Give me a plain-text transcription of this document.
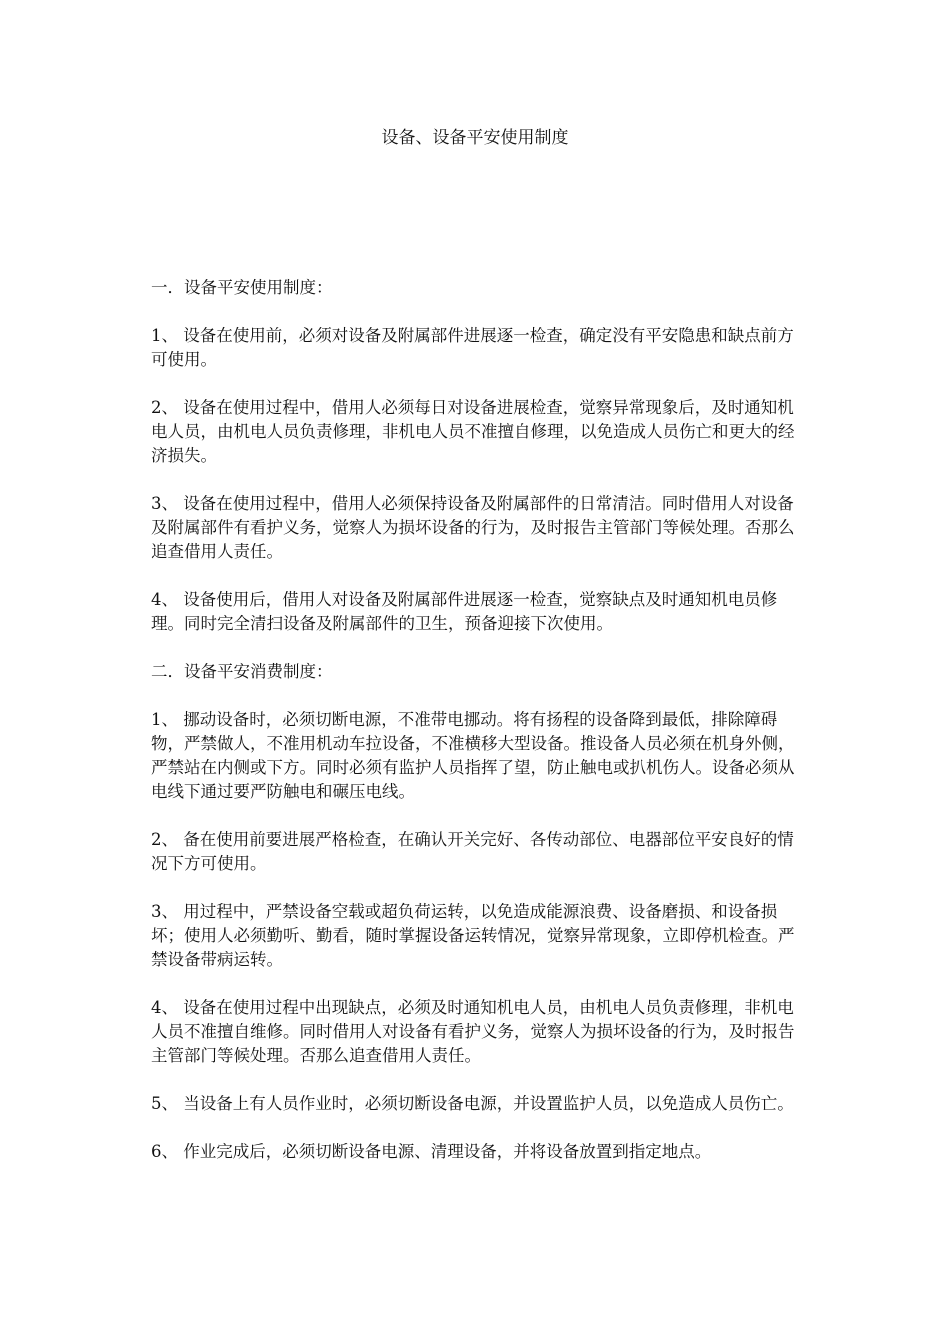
设备、设备平安使用制度

一．设备平安使用制度：

1、 设备在使用前，必须对设备及附属部件进展逐一检查，确定没有平安隐患和缺点前方可使用。

2、 设备在使用过程中，借用人必须每日对设备进展检查，觉察异常现象后，及时通知机电人员，由机电人员负责修理，非机电人员不准擅自修理，以免造成人员伤亡和更大的经济损失。

3、 设备在使用过程中，借用人必须保持设备及附属部件的日常清洁。同时借用人对设备及附属部件有看护义务，觉察人为损坏设备的行为，及时报告主管部门等候处理。否那么追查借用人责任。

4、 设备使用后，借用人对设备及附属部件进展逐一检查，觉察缺点及时通知机电员修理。同时完全清扫设备及附属部件的卫生，预备迎接下次使用。

二．设备平安消费制度：

1、 挪动设备时，必须切断电源，不准带电挪动。将有扬程的设备降到最低，排除障碍物，严禁做人，不准用机动车拉设备，不准横移大型设备。推设备人员必须在机身外侧，严禁站在内侧或下方。同时必须有监护人员指挥了望，防止触电或扒机伤人。设备必须从电线下通过要严防触电和碾压电线。

2、 备在使用前要进展严格检查，在确认开关完好、各传动部位、电器部位平安良好的情况下方可使用。

3、 用过程中，严禁设备空载或超负荷运转，以免造成能源浪费、设备磨损、和设备损坏；使用人必须勤听、勤看，随时掌握设备运转情况，觉察异常现象，立即停机检查。严禁设备带病运转。

4、 设备在使用过程中出现缺点，必须及时通知机电人员，由机电人员负责修理，非机电人员不准擅自维修。同时借用人对设备有看护义务，觉察人为损坏设备的行为，及时报告主管部门等候处理。否那么追查借用人责任。

5、 当设备上有人员作业时，必须切断设备电源，并设置监护人员，以免造成人员伤亡。

6、 作业完成后，必须切断设备电源、清理设备，并将设备放置到指定地点。
